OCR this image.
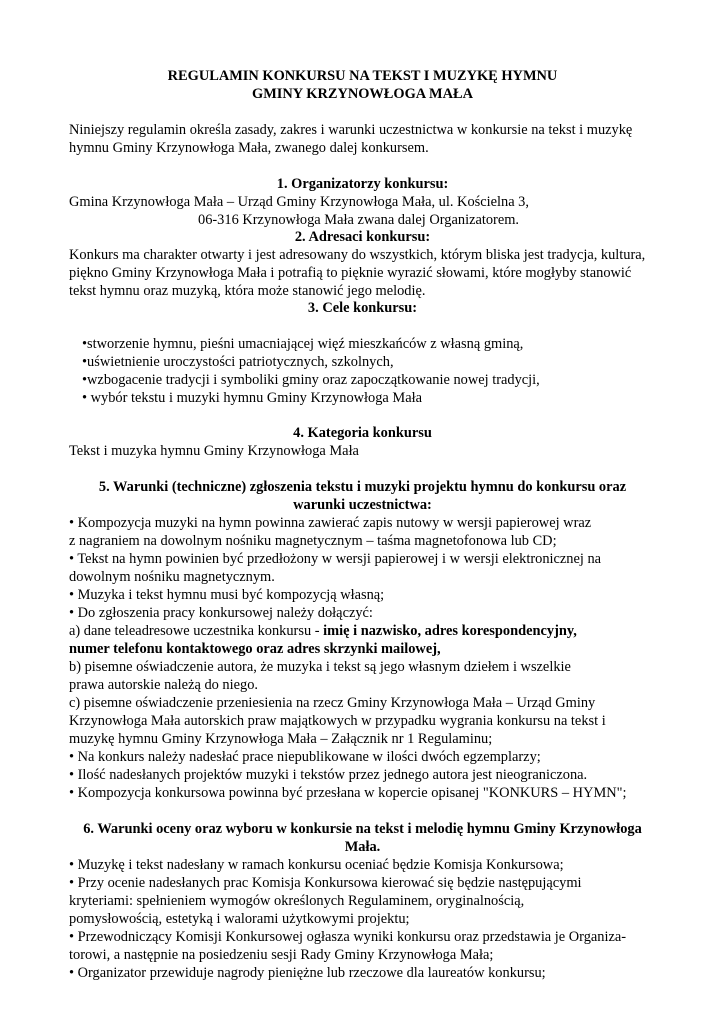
REGULAMIN KONKURSU NA TEKST I MUZYKĘ HYMNU
GMINY KRZYNOWŁOGA MAŁA
Niniejszy regulamin określa zasady, zakres i warunki uczestnictwa w konkursie na tekst i muzykę
hymnu Gminy Krzynowłoga Mała, zwanego dalej konkursem.
1. Organizatorzy konkursu:
Gmina Krzynowłoga Mała – Urząd Gminy Krzynowłoga Mała, ul. Kościelna 3,
06-316 Krzynowłoga Mała zwana dalej Organizatorem.
2. Adresaci konkursu:
Konkurs ma charakter otwarty i jest adresowany do wszystkich, którym bliska jest tradycja, kultura,
piękno Gminy Krzynowłoga Mała i potrafią to pięknie wyrazić słowami, które mogłyby stanowić
tekst hymnu oraz muzyką, która może stanowić jego melodię.
3. Cele konkursu:
•stworzenie hymnu, pieśni umacniającej więź mieszkańców z własną gminą,
•uświetnienie uroczystości patriotycznych, szkolnych,
•wzbogacenie tradycji i symboliki gminy oraz zapoczątkowanie nowej tradycji,
• wybór tekstu i muzyki hymnu Gminy Krzynowłoga Mała
4. Kategoria konkursu
Tekst i muzyka hymnu Gminy Krzynowłoga Mała
5. Warunki (techniczne) zgłoszenia tekstu i muzyki projektu hymnu do konkursu oraz
warunki uczestnictwa:
• Kompozycja muzyki na hymn powinna zawierać zapis nutowy w wersji papierowej wraz
z nagraniem na dowolnym nośniku magnetycznym – taśma magnetofonowa lub CD;
• Tekst na hymn powinien być przedłożony w wersji papierowej i w wersji elektronicznej na
dowolnym nośniku magnetycznym.
• Muzyka i tekst hymnu musi być kompozycją własną;
• Do zgłoszenia pracy konkursowej należy dołączyć:
a) dane teleadresowe uczestnika konkursu - imię i nazwisko, adres korespondencyjny,
numer telefonu kontaktowego oraz adres skrzynki mailowej,
b) pisemne oświadczenie autora, że muzyka i tekst są jego własnym dziełem i wszelkie
prawa autorskie należą do niego.
c) pisemne oświadczenie przeniesienia na rzecz Gminy Krzynowłoga Mała – Urząd Gminy
Krzynowłoga Mała autorskich praw majątkowych w przypadku wygrania konkursu na tekst i
muzykę hymnu Gminy Krzynowłoga Mała – Załącznik nr 1 Regulaminu;
• Na konkurs należy nadesłać prace niepublikowane w ilości dwóch egzemplarzy;
• Ilość nadesłanych projektów muzyki i tekstów przez jednego autora jest nieograniczona.
• Kompozycja konkursowa powinna być przesłana w kopercie opisanej "KONKURS – HYMN";
6. Warunki oceny oraz wyboru w konkursie na tekst i melodię hymnu Gminy Krzynowłoga
Mała.
• Muzykę i tekst nadesłany w ramach konkursu oceniać będzie Komisja Konkursowa;
• Przy ocenie nadesłanych prac Komisja Konkursowa kierować się będzie następującymi
kryteriami: spełnieniem wymogów określonych Regulaminem, oryginalnością,
pomysłowością, estetyką i walorami użytkowymi projektu;
• Przewodniczący Komisji Konkursowej ogłasza wyniki konkursu oraz przedstawia je Organiza-
torowi, a następnie na posiedzeniu sesji Rady Gminy Krzynowłoga Mała;
• Organizator przewiduje nagrody pieniężne lub rzeczowe dla laureatów konkursu;
